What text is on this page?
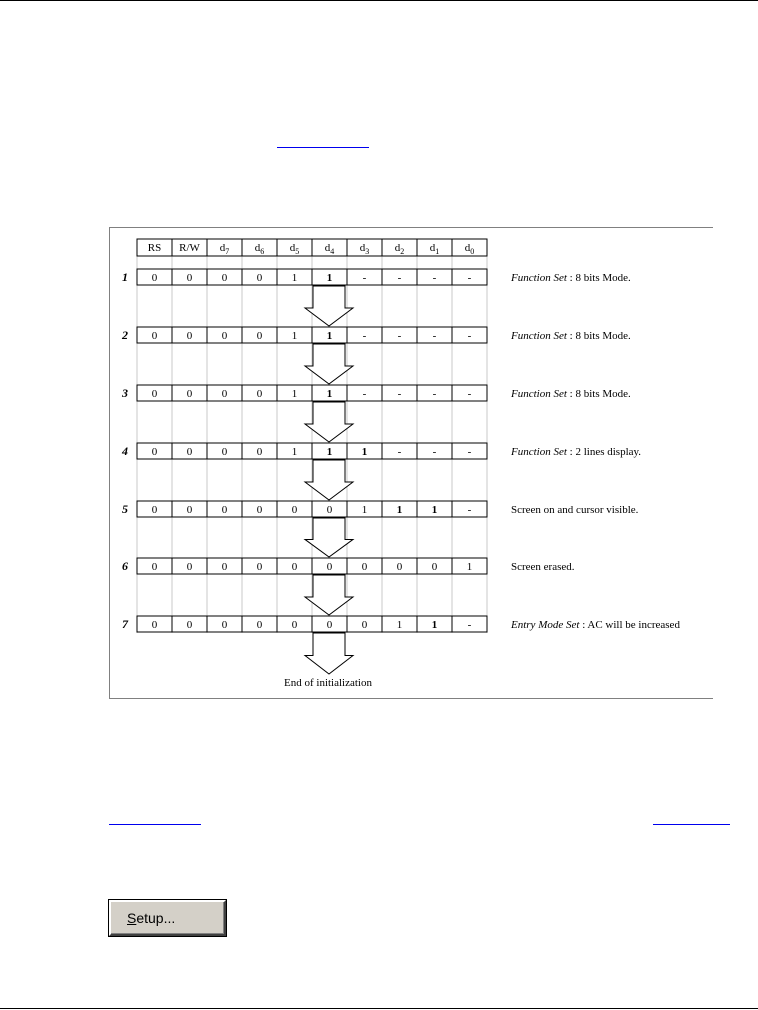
RS R/W $d_7$ $d_6$ $d_5$ $d_4$ $d_3$ $d_2$ $d_1$ $d_0$
1 0	0	0	0	1	1	-	-	-	-	Function Set : 8 bits Mode.
2 0	0	0	0	1	1	-	-	-	-	Function Set : 8 bits Mode.
3 0	0	0	0	1	1	-	-	-	-	Function Set : 8 bits Mode.
4 0	0	0	0	1	1	1	-	-	-	Function Set : 2 lines display.
5 0	0	0	0	0	0	1	1	1	-	Screen on and cursor visible.
6 0	0	0	0	0	0	0	0	0	1	Screen erased.
7 0	0	0	0	0	0	0	1	1	-	Entry Mode Set : AC will be increased
End of initialization
S etup...
